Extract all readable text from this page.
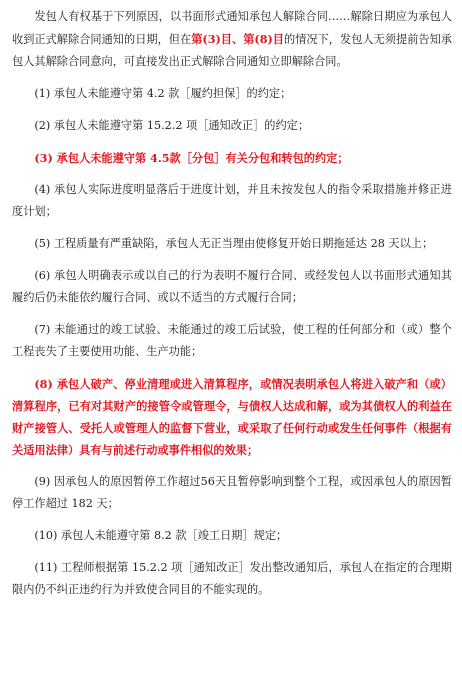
发包人有权基于下列原因，以书面形式通知承包人解除合同……解除日期应为承包人收到正式解除合同通知的日期，但在第(3)目、第(8)目的情况下，发包人无须提前告知承包人其解除合同意向，可直接发出正式解除合同通知立即解除合同。

(1) 承包人未能遵守第 4.2 款［履约担保］的约定；

(2) 承包人未能遵守第 15.2.2 项［通知改正］的约定；

(3) 承包人未能遵守第 4.5款［分包］有关分包和转包的约定；

(4) 承包人实际进度明显落后于进度计划，并且未按发包人的指令采取措施并修正进度计划；

(5) 工程质量有严重缺陷，承包人无正当理由使修复开始日期拖延达 28 天以上；

(6) 承包人明确表示或以自己的行为表明不履行合同、或经发包人以书面形式通知其履约后仍未能依约履行合同、或以不适当的方式履行合同；

(7) 未能通过的竣工试验、未能通过的竣工后试验，使工程的任何部分和（或）整个工程丧失了主要使用功能、生产功能；

(8) 承包人破产、停业清理或进入清算程序，或情况表明承包人将进入破产和（或）清算程序，已有对其财产的接管令或管理令，与债权人达成和解，或为其债权人的利益在财产接管人、受托人或管理人的监督下营业，或采取了任何行动或发生任何事件（根据有关适用法律）具有与前述行动或事件相似的效果；

(9) 因承包人的原因暂停工作超过56天且暂停影响到整个工程，或因承包人的原因暂停工作超过 182 天；

(10) 承包人未能遵守第 8.2 款［竣工日期］规定；

(11) 工程师根据第 15.2.2 项［通知改正］发出整改通知后，承包人在指定的合理期限内仍不纠正违约行为并致使合同目的不能实现的。
